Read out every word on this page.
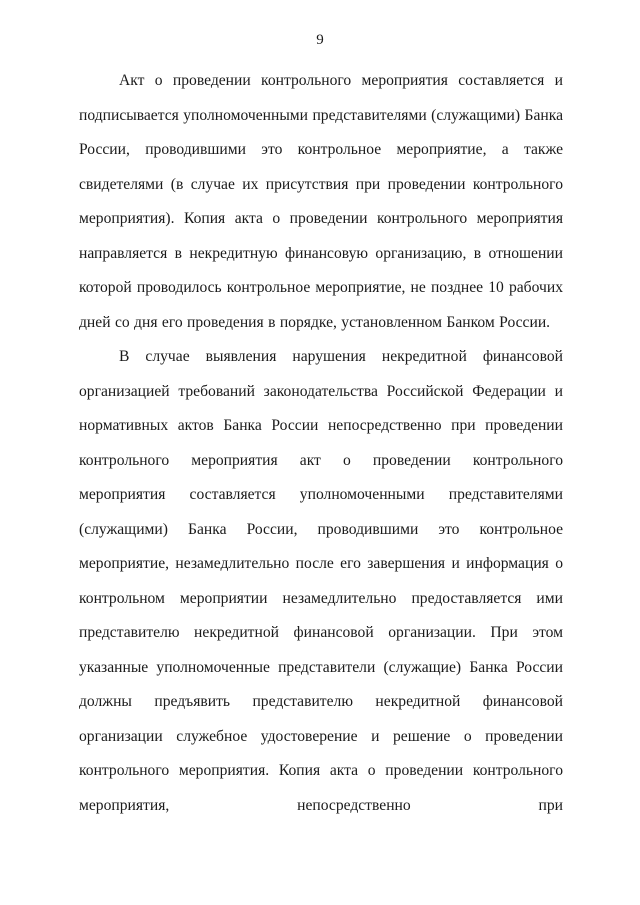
9

Акт о проведении контрольного мероприятия составляется и подписывается уполномоченными представителями (служащими) Банка России, проводившими это контрольное мероприятие, а также свидетелями (в случае их присутствия при проведении контрольного мероприятия). Копия акта о проведении контрольного мероприятия направляется в некредитную финансовую организацию, в отношении которой проводилось контрольное мероприятие, не позднее 10 рабочих дней со дня его проведения в порядке, установленном Банком России.

В случае выявления нарушения некредитной финансовой организацией требований законодательства Российской Федерации и нормативных актов Банка России непосредственно при проведении контрольного мероприятия акт о проведении контрольного мероприятия составляется уполномоченными представителями (служащими) Банка России, проводившими это контрольное мероприятие, незамедлительно после его завершения и информация о контрольном мероприятии незамедлительно предоставляется ими представителю некредитной финансовой организации. При этом указанные уполномоченные представители (служащие) Банка России должны предъявить представителю некредитной финансовой организации служебное удостоверение и решение о проведении контрольного мероприятия. Копия акта о проведении контрольного мероприятия, непосредственно при
